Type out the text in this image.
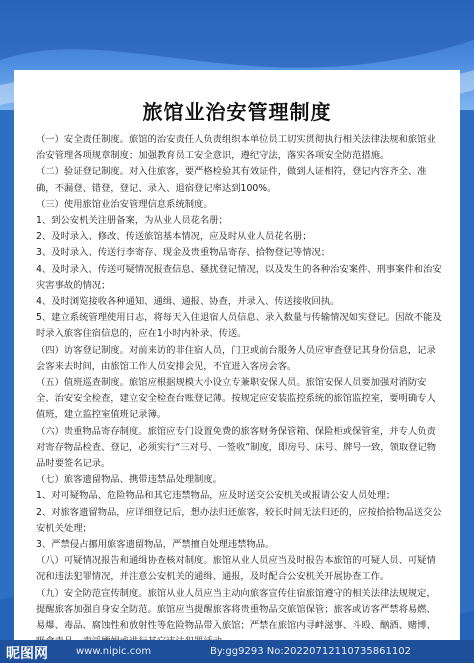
旅馆业治安管理制度

（一）安全责任制度。旅馆的治安责任人负责组织本单位员工切实贯彻执行相关法律法规和旅馆业治安管理各项规章制度；加强教育员工安全意识，遵纪守法，落实各项安全防范措施。

（二）验证登记制度。对入住旅客，要严格检验其有效证件，做到人证相符，登记内容齐全、准确，不漏登、错登，登记、录入、退宿登记率达到100%。

（三）使用旅馆业治安管理信息系统制度。

1、到公安机关注册备案，为从业人员花名册；

2、及时录入、修改、传送旅馆基本情况，应及时从业人员花名册；

3、及时录入、传送行李寄存、现金及贵重物品寄存、拾物登记等情况；

4、及时录入、传送可疑情况报查信息、骚扰登记情况，以及发生的各种治安案件、刑事案件和治安灾害事故的情况；

4、及时浏览接收各种通知、通缉、通报、协查，并录入、传送接收回执。

5、建立系统管理使用日志，将每天入住退宿人员信息、录入数量与传输情况如实登记。因故不能及时录入旅客住宿信息的，应在1小时内补录、传送。

（四）访客登记制度。对前来访的非住宿人员，门卫或前台服务人员应审查登记其身份信息，记录会客来去时间，由旅馆工作人员安排会见，不宜进入客房会客。

（五）值班巡查制度。旅馆应根据规模大小设立专兼职安保人员。旅馆安保人员要加强对消防安全、治安安全检查，建立安全检查台账登记薄。按规定应安装监控系统的旅馆监控室，要明确专人值班，建立监控室值班记录簿。

（六）贵重物品寄存制度。旅馆应专门设置免费的旅客财务保管箱、保险柜或保管室，并专人负责对寄存物品检查、登记，必须实行“三对号、一签收”制度，即房号、床号、牌号一致，领取登记物品时要签名记录。

（七）旅客遗留物品、携带违禁品处理制度。

1、对可疑物品、危险物品和其它违禁物品，应及时送交公安机关或报请公安人员处理；

2、对旅客遗留物品，应详细登记后，想办法归还旅客，较长时间无法归还的，应按拾拾物品送交公安机关处理；

3、严禁侵占挪用旅客遗留物品，严禁擅自处理违禁物品。

（八）可疑情况报告和通缉协查核对制度。旅馆从业人员应当及时报告本旅馆的可疑人员、可疑情况和违法犯罪情况，并注意公安机关的通缉、通报，及时配合公安机关开展协查工作。

（九）安全防范宣传制度。旅馆从业人员应当主动向旅客宣传住宿旅馆遵守的相关法律法规规定，提醒旅客加强自身安全防范。旅馆应当提醒旅客将贵重物品交旅馆保管；旅客或访客严禁将易燃、易爆、毒品、腐蚀性和放射性等危险物品带入旅馆；严禁在旅馆内寻衅滋事、斗殴、酗酒、赌博、

昵图网	www.nipic.com	By:gg9293 No:20220712110735861102
